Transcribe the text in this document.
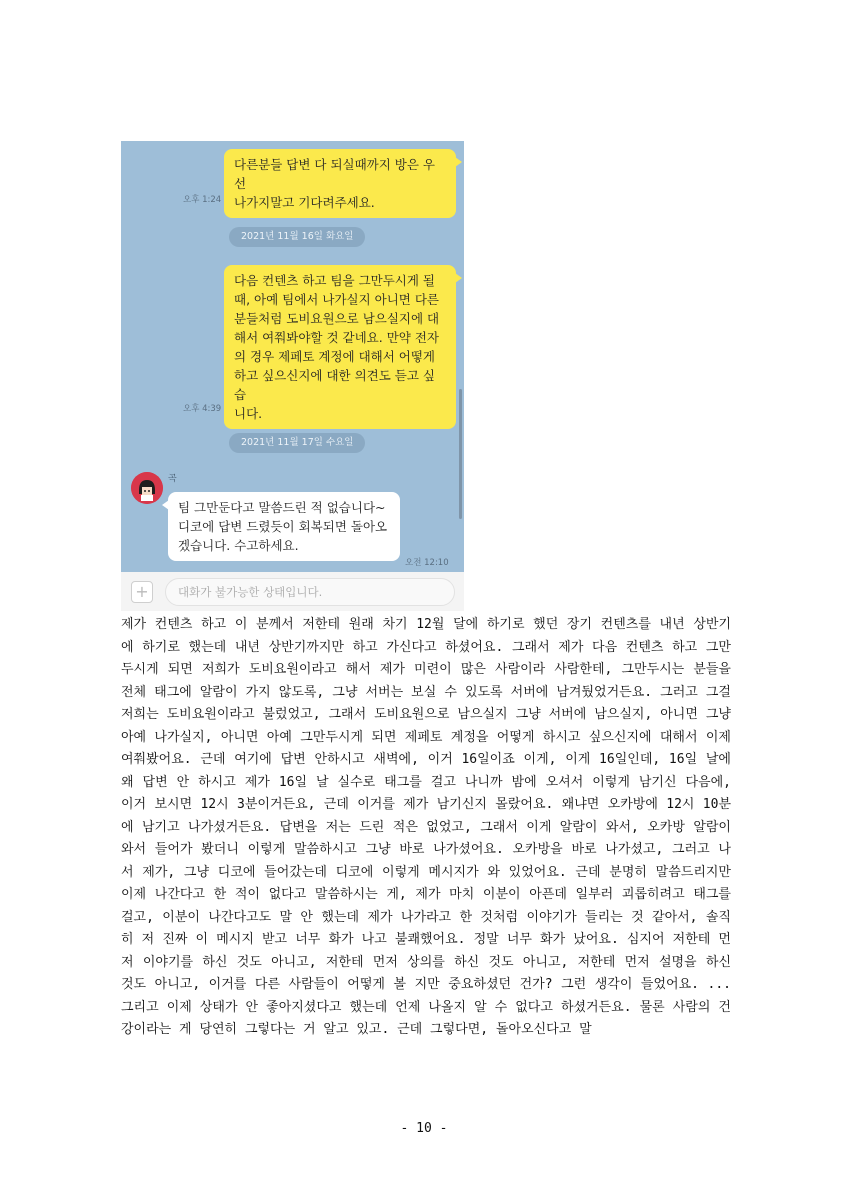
다른분들 답변 다 되실때까지 방은 우선
나가지말고 기다려주세요.
오후 1:24
2021년 11월 16일 화요일
다음 컨텐츠 하고 팀을 그만두시게 될
때, 아예 팀에서 나가실지 아니면 다른
분들처럼 도비요원으로 남으실지에 대
해서 여쭤봐야할 것 같네요. 만약 전자
의 경우 제페토 계정에 대해서 어떻게
하고 싶으신지에 대한 의견도 듣고 싶습
니다.
오후 4:39
2021년 11월 17일 수요일
곡
팀 그만둔다고 말씀드린 적 없습니다~
디코에 답변 드렸듯이 회복되면 돌아오
겠습니다. 수고하세요.
오전 12:10
+	대화가 불가능한 상태입니다.

제가 컨텐츠 하고 이 분께서 저한테 원래 차기 12월 달에 하기로 했던 장기 컨텐츠를 내년 상반기에 하기로 했는데 내년 상반기까지만 하고 가신다고 하셨어요. 그래서 제가 다음 컨텐츠 하고 그만두시게 되면 저희가 도비요원이라고 해서 제가 미련이 많은 사람이라 사람한테, 그만두시는 분들을 전체 태그에 알람이 가지 않도록, 그냥 서버는 보실 수 있도록 서버에 남겨뒀었거든요. 그러고 그걸 저희는 도비요원이라고 불렀었고, 그래서 도비요원으로 남으실지 그냥 서버에 남으실지, 아니면 그냥 아예 나가실지, 아니면 아예 그만두시게 되면 제페토 계정을 어떻게 하시고 싶으신지에 대해서 이제 여쭤봤어요. 근데 여기에 답변 안하시고 새벽에, 이거 16일이죠 이게, 이게 16일인데, 16일 날에 왜 답변 안 하시고 제가 16일 날 실수로 태그를 걸고 나니까 밤에 오셔서 이렇게 남기신 다음에, 이거 보시면 12시 3분이거든요, 근데 이거를 제가 남기신지 몰랐어요. 왜냐면 오카방에 12시 10분에 남기고 나가셨거든요. 답변을 저는 드린 적은 없었고, 그래서 이게 알람이 와서, 오카방 알람이 와서 들어가 봤더니 이렇게 말씀하시고 그냥 바로 나가셨어요. 오카방을 바로 나가셨고, 그러고 나서 제가, 그냥 디코에 들어갔는데 디코에 이렇게 메시지가 와 있었어요. 근데 분명히 말씀드리지만 이제 나간다고 한 적이 없다고 말씀하시는 게, 제가 마치 이분이 아픈데 일부러 괴롭히려고 태그를 걸고, 이분이 나간다고도 말 안 했는데 제가 나가라고 한 것처럼 이야기가 들리는 것 같아서, 솔직히 저 진짜 이 메시지 받고 너무 화가 나고 불쾌했어요. 정말 너무 화가 났어요. 심지어 저한테 먼저 이야기를 하신 것도 아니고, 저한테 먼저 상의를 하신 것도 아니고, 저한테 먼저 설명을 하신 것도 아니고, 이거를 다른 사람들이 어떻게 볼 지만 중요하셨던 건가? 그런 생각이 들었어요. ... 그리고 이제 상태가 안 좋아지셨다고 했는데 언제 나올지 알 수 없다고 하셨거든요. 물론 사람의 건강이라는 게 당연히 그렇다는 거 알고 있고. 근데 그렇다면, 돌아오신다고 말

- 10 -
